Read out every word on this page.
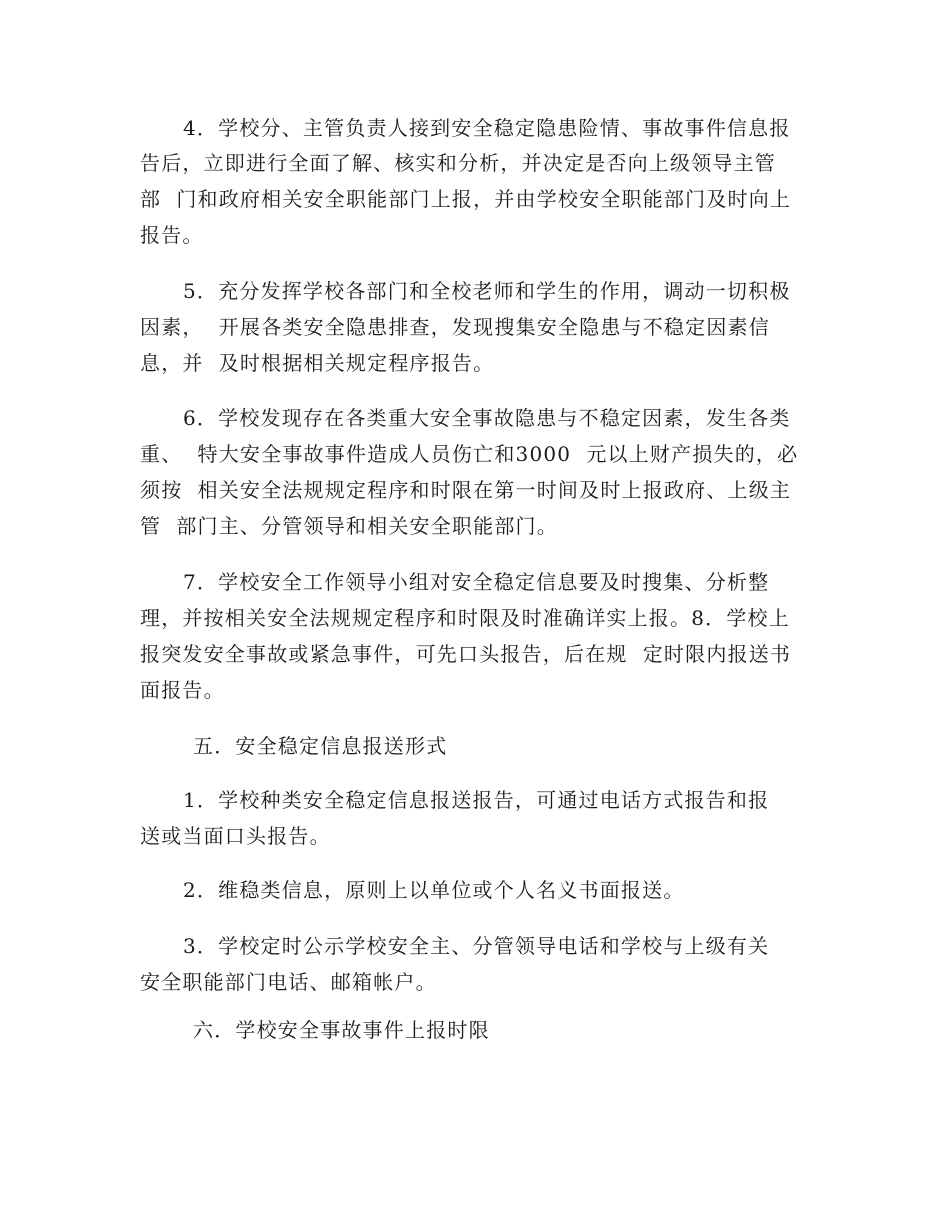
4．学校分、主管负责人接到安全稳定隐患险情、事故事件信息报
告后，立即进行全面了解、核实和分析，并决定是否向上级领导主管
部  门和政府相关安全职能部门上报，并由学校安全职能部门及时向上
报告。
5．充分发挥学校各部门和全校老师和学生的作用，调动一切积极
因素，  开展各类安全隐患排查，发现搜集安全隐患与不稳定因素信
息，并  及时根据相关规定程序报告。
6．学校发现存在各类重大安全事故隐患与不稳定因素，发生各类
重、  特大安全事故事件造成人员伤亡和3000  元以上财产损失的，必
须按  相关安全法规规定程序和时限在第一时间及时上报政府、上级主
管  部门主、分管领导和相关安全职能部门。
7．学校安全工作领导小组对安全稳定信息要及时搜集、分析整
理，并按相关安全法规规定程序和时限及时准确详实上报。8．学校上
报突发安全事故或紧急事件，可先口头报告，后在规  定时限内报送书
面报告。
五．安全稳定信息报送形式
1．学校种类安全稳定信息报送报告，可通过电话方式报告和报
送或当面口头报告。
2．维稳类信息，原则上以单位或个人名义书面报送。
3．学校定时公示学校安全主、分管领导电话和学校与上级有关
安全职能部门电话、邮箱帐户。
六．学校安全事故事件上报时限
